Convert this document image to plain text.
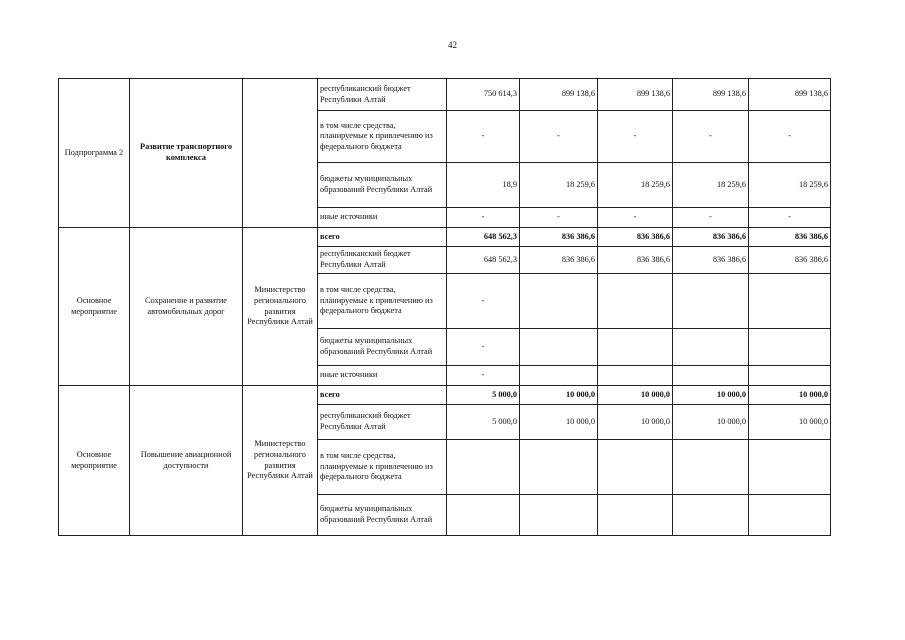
42
Подпрограмма 2	Развитие транспортного комплекса		республиканский бюджет Республики Алтай	750 614,3	899 138,6	899 138,6	899 138,6	899 138,6
			в том числе средства, планируемые к привлечению из федерального бюджета	-	-	-	-	-
			бюджеты муниципальных образований Республики Алтай	18,9	18 259,6	18 259,6	18 259,6	18 259,6
			иные источники	-	-	-	-	-
Основное мероприятие	Сохранение и развитие автомобильных дорог	Министерство регионального развития Республики Алтай	всего	648 562,3	836 386,6	836 386,6	836 386,6	836 386,6
			республиканский бюджет Республики Алтай	648 562,3	836 386,6	836 386,6	836 386,6	836 386,6
			в том числе средства, планируемые к привлечению из федерального бюджета	-				
			бюджеты муниципальных образований Республики Алтай	-				
			иные источники	-				
Основное мероприятие	Повышение авиационной доступности	Министерство регионального развития Республики Алтай	всего	5 000,0	10 000,0	10 000,0	10 000,0	10 000,0
			республиканский бюджет Республики Алтай	5 000,0	10 000,0	10 000,0	10 000,0	10 000,0
			в том числе средства, планируемые к привлечению из федерального бюджета					
			бюджеты муниципальных образований Республики Алтай					
